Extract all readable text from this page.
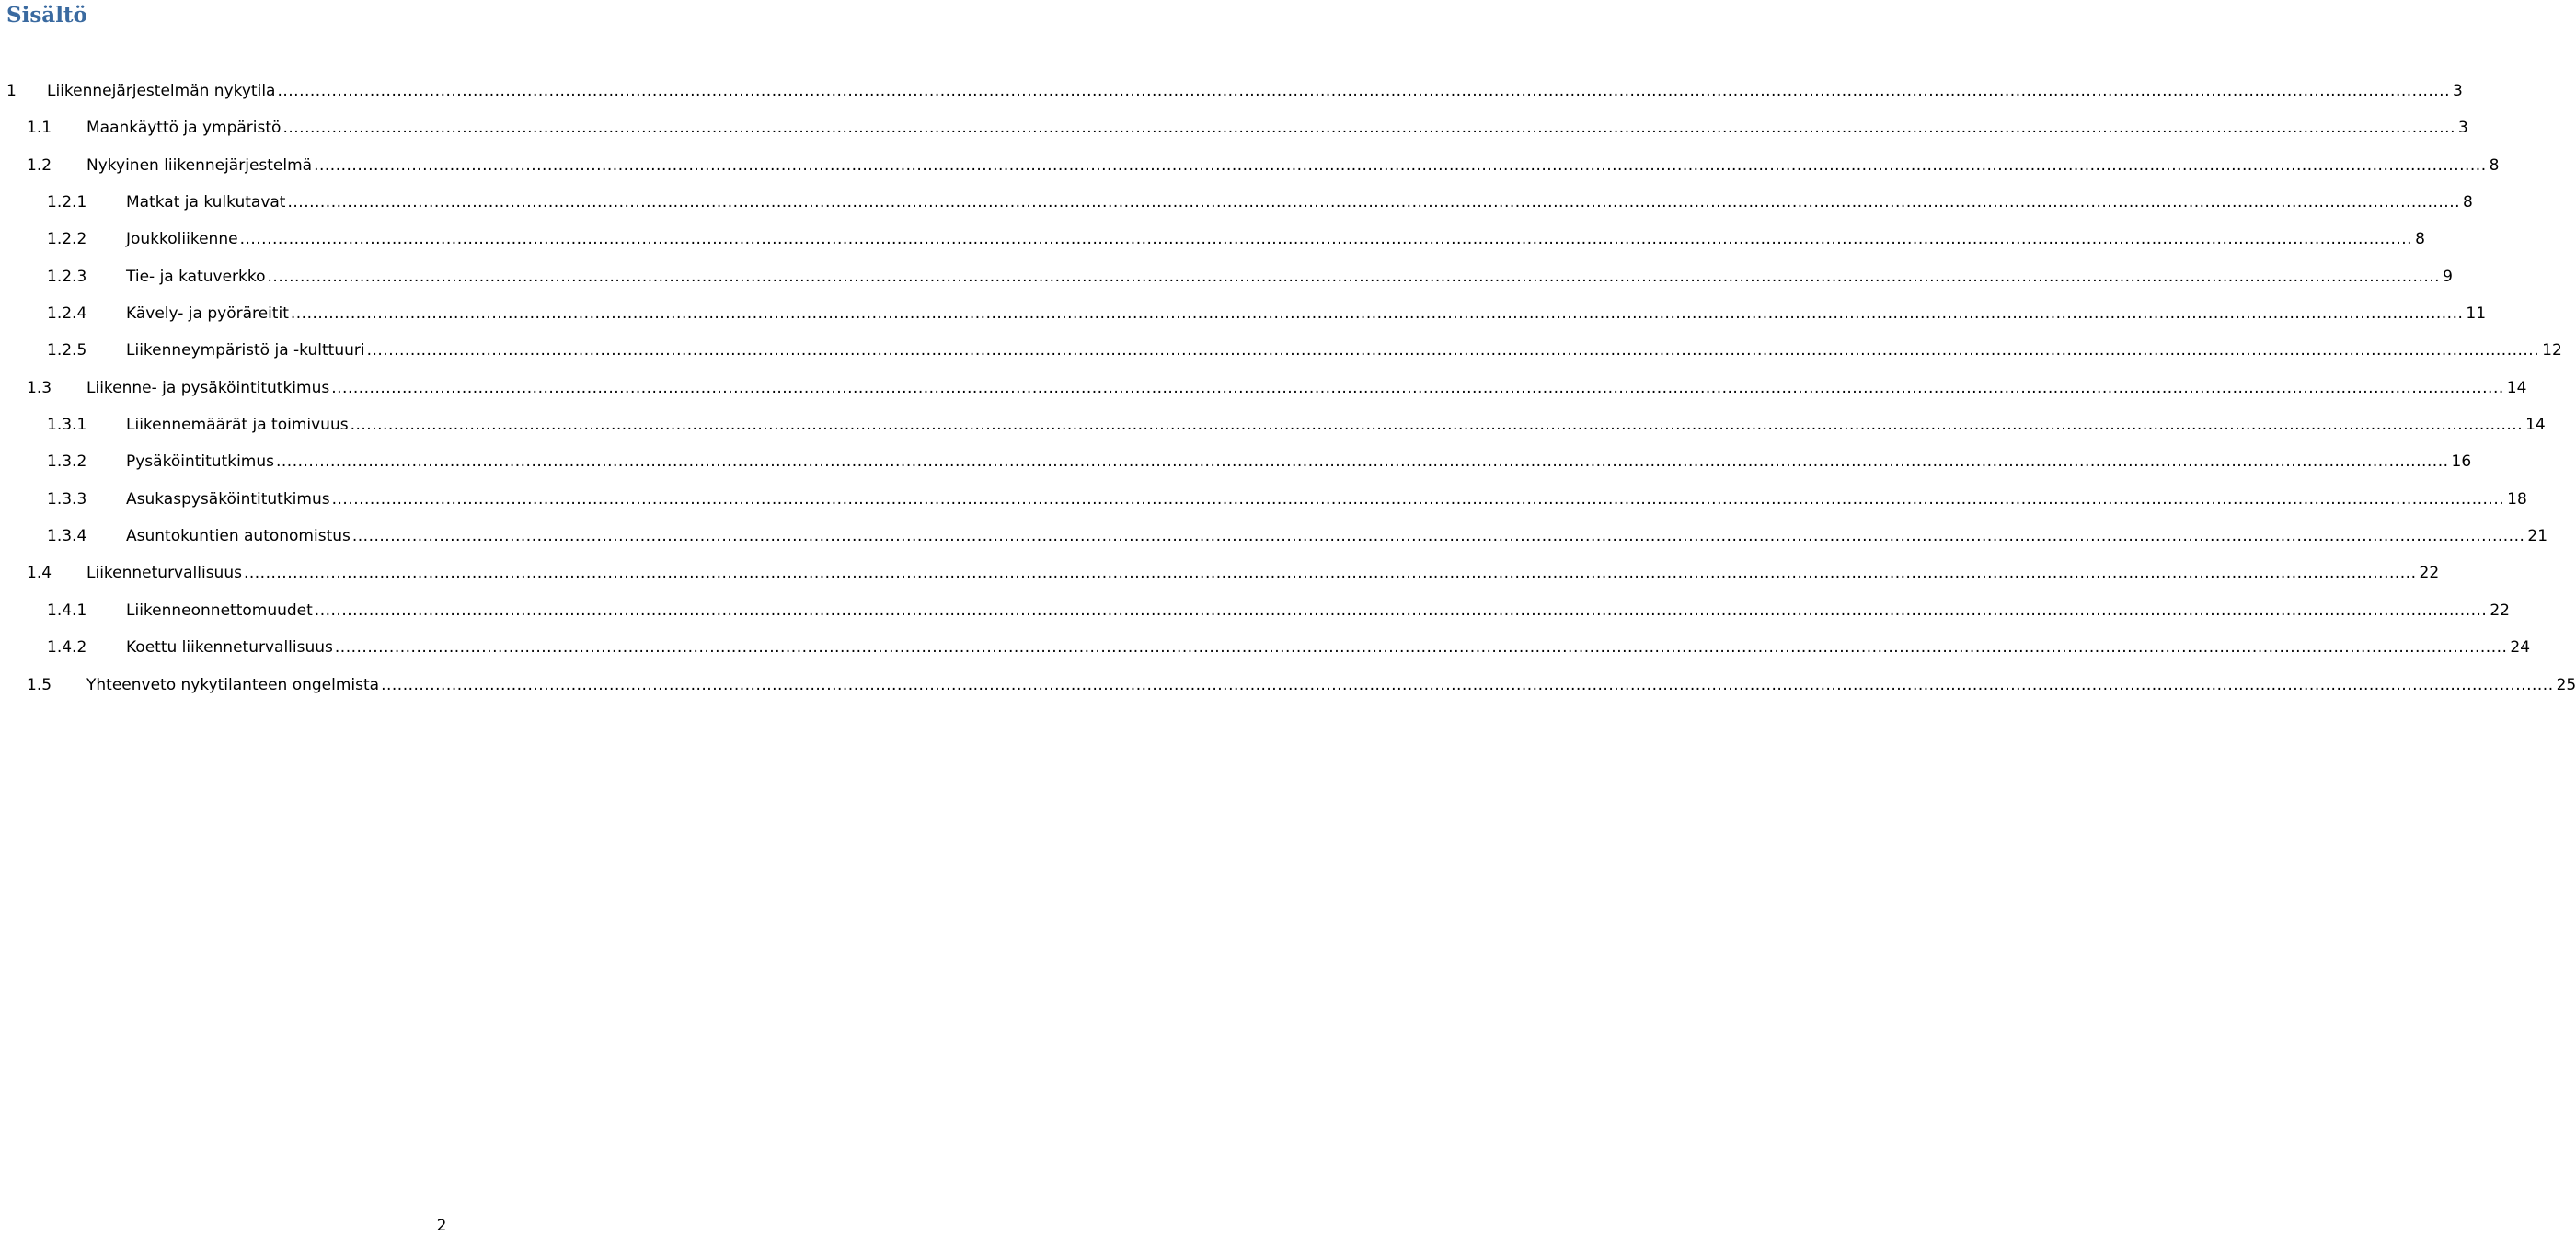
Sisältö
1 Liikennejärjestelmän nykytila ................................................................................................................................................................................................................................................................................................................................................................................................................ 3
1.1 Maankäyttö ja ympäristö ................................................................................................................................................................................................................................................................................................................................................................................................................ 3
1.2 Nykyinen liikennejärjestelmä ................................................................................................................................................................................................................................................................................................................................................................................................................ 8
1.2.1	Matkat ja kulkutavat ................................................................................................................................................................................................................................................................................................................................................................................................................ 8
1.2.2	Joukkoliikenne ................................................................................................................................................................................................................................................................................................................................................................................................................ 8
1.2.3	Tie- ja katuverkko ................................................................................................................................................................................................................................................................................................................................................................................................................ 9
1.2.4	Kävely- ja pyöräreitit ................................................................................................................................................................................................................................................................................................................................................................................................................ 11
1.2.5	Liikenneympäristö ja -kulttuuri ................................................................................................................................................................................................................................................................................................................................................................................................................ 12
1.3 Liikenne- ja pysäköintitutkimus ................................................................................................................................................................................................................................................................................................................................................................................................................ 14
1.3.1	Liikennemäärät ja toimivuus ................................................................................................................................................................................................................................................................................................................................................................................................................ 14
1.3.2	Pysäköintitutkimus ................................................................................................................................................................................................................................................................................................................................................................................................................ 16
1.3.3	Asukaspysäköintitutkimus ................................................................................................................................................................................................................................................................................................................................................................................................................ 18
1.3.4	Asuntokuntien autonomistus ................................................................................................................................................................................................................................................................................................................................................................................................................ 21
1.4 Liikenneturvallisuus ................................................................................................................................................................................................................................................................................................................................................................................................................ 22
1.4.1	Liikenneonnettomuudet ................................................................................................................................................................................................................................................................................................................................................................................................................ 22
1.4.2	Koettu liikenneturvallisuus ................................................................................................................................................................................................................................................................................................................................................................................................................ 24
1.5 Yhteenveto nykytilanteen ongelmista ................................................................................................................................................................................................................................................................................................................................................................................................................ 25
2
